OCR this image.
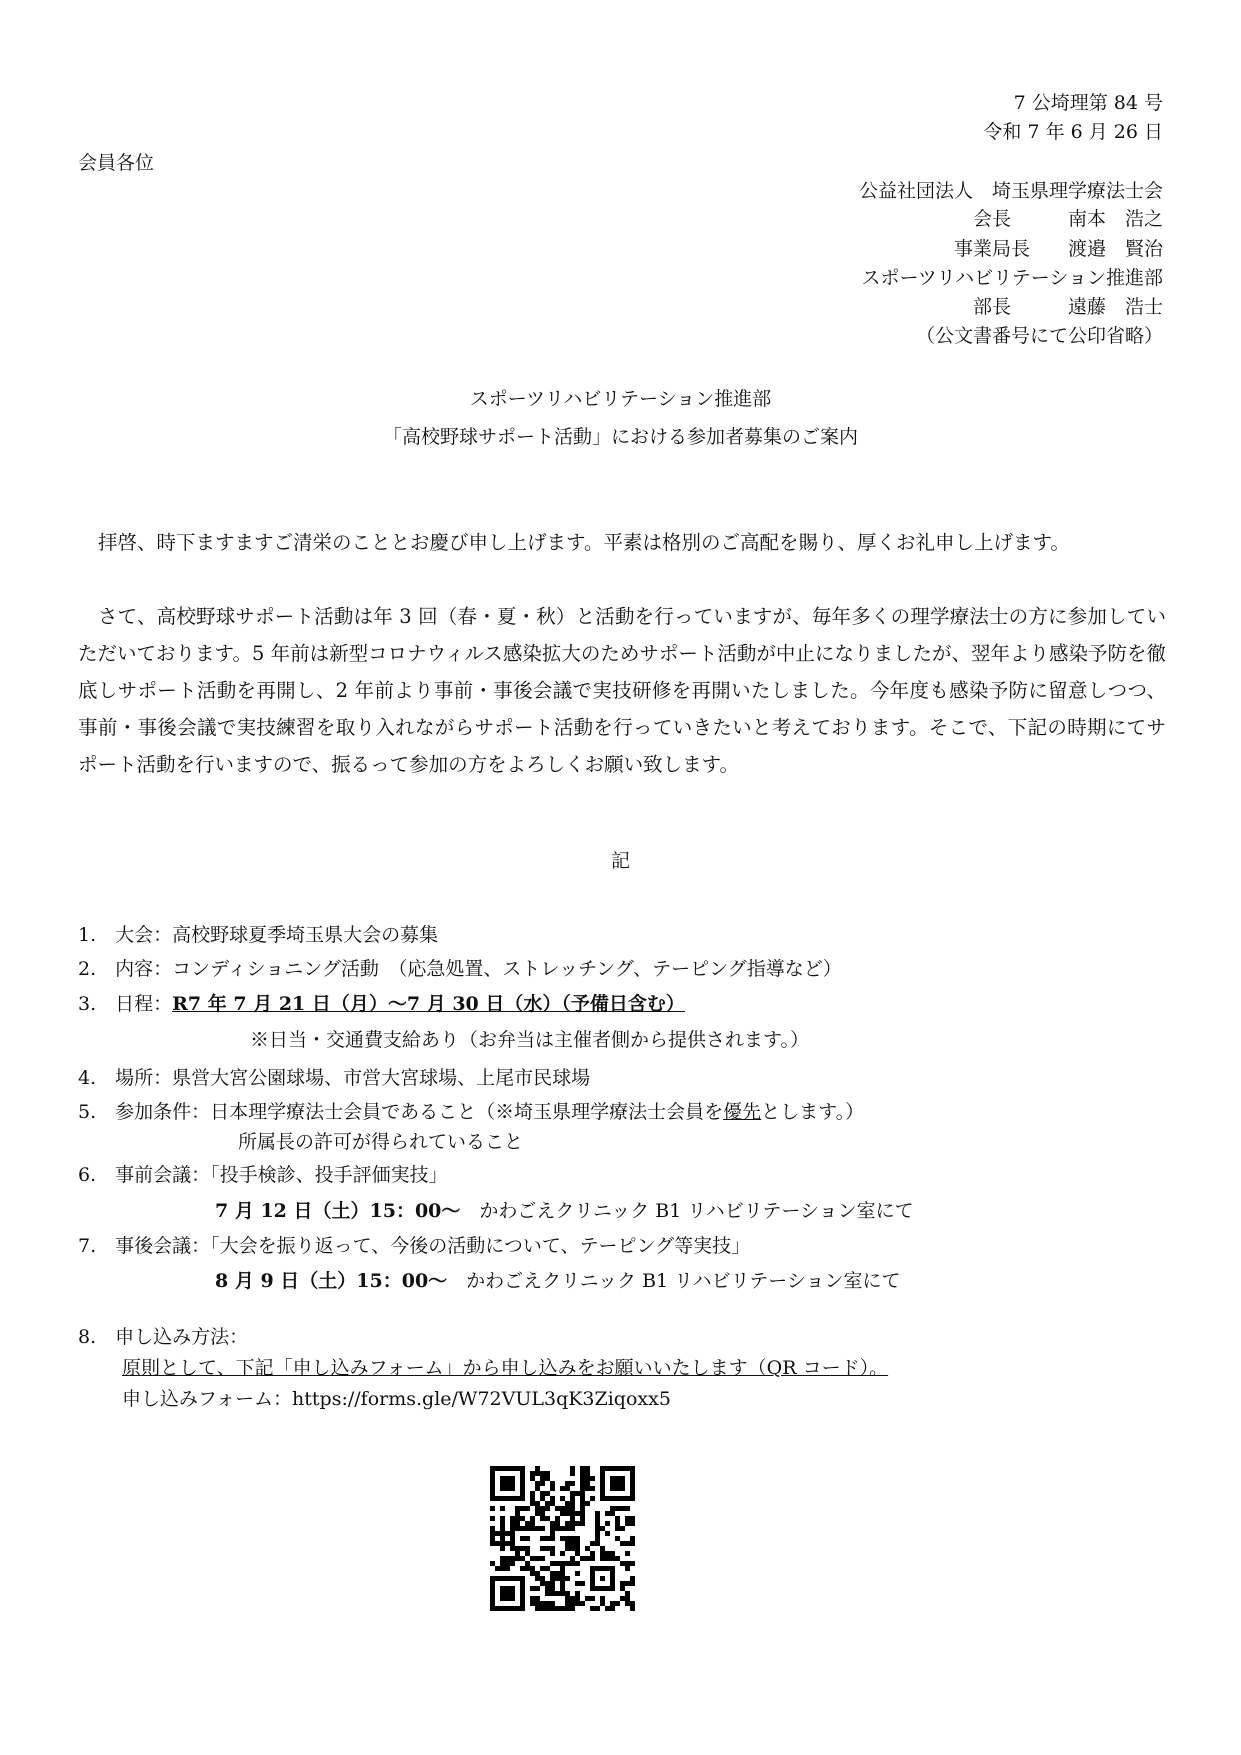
7 公埼理第 84 号
令和 7 年 6 月 26 日
会員各位
公益社団法人　埼玉県理学療法士会
会長　　　南本　浩之
事業局長　　渡邉　賢治
スポーツリハビリテーション推進部
部長　　　遠藤　浩士
（公文書番号にて公印省略）
スポーツリハビリテーション推進部
「高校野球サポート活動」における参加者募集のご案内
拝啓、時下ますますご清栄のこととお慶び申し上げます。平素は格別のご高配を賜り、厚くお礼申し上げます。
さて、高校野球サポート活動は年 3 回（春・夏・秋）と活動を行っていますが、毎年多くの理学療法士の方に参加していただいております。5 年前は新型コロナウィルス感染拡大のためサポート活動が中止になりましたが、翌年より感染予防を徹底しサポート活動を再開し、2 年前より事前・事後会議で実技研修を再開いたしました。今年度も感染予防に留意しつつ、事前・事後会議で実技練習を取り入れながらサポート活動を行っていきたいと考えております。そこで、下記の時期にてサポート活動を行いますので、振るって参加の方をよろしくお願い致します。
記
1.　大会：高校野球夏季埼玉県大会の募集
2.　内容：コンディショニング活動　（応急処置、ストレッチング、テーピング指導など）
3.　日程：R7 年 7 月 21 日（月）～7 月 30 日（水）（予備日含む）
※日当・交通費支給あり（お弁当は主催者側から提供されます。）
4.　場所：県営大宮公園球場、市営大宮球場、上尾市民球場
5.　参加条件：日本理学療法士会員であること（※埼玉県理学療法士会員を優先とします。）
所属長の許可が得られていること
6.　事前会議：「投手検診、投手評価実技」
7 月 12 日（土）15：00～　かわごえクリニック B1 リハビリテーション室にて
7.　事後会議：「大会を振り返って、今後の活動について、テーピング等実技」
8 月 9 日（土）15：00～　かわごえクリニック B1 リハビリテーション室にて
8.　申し込み方法：
原則として、下記「申し込みフォーム」から申し込みをお願いいたします（QR コード）。
申し込みフォーム：https://forms.gle/W72VUL3qK3Ziqoxx5
